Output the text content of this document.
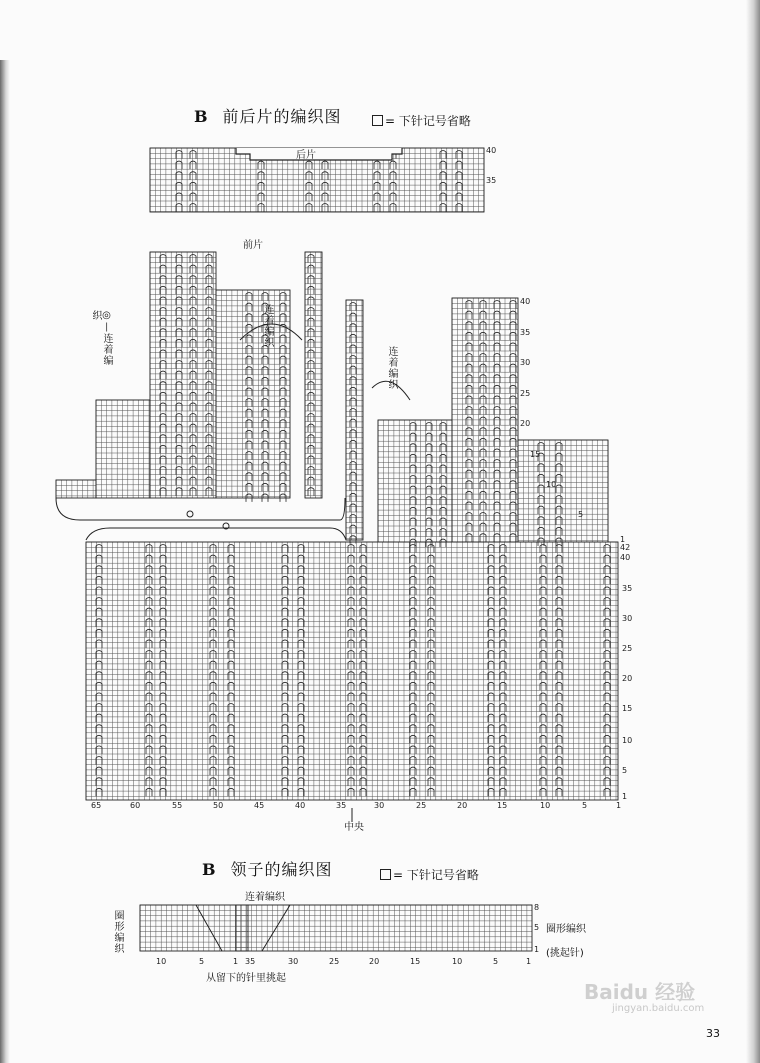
B 前后片的编织图	= 下针记号省略
后片
前片
◎—连着编织	连着编织
连着编织
中央
40
35
40
35
30
25
20
15
10
5
1
42
40
35
30
25
20
15
10
5
1
65	60	55	50	45	40	35	30	25	20	15	10	5	1
B 领子的编织图	= 下针记号省略
圈形编织
连着编织
圈形编织
(挑起针)
8
5
1
10	5	1 35	30	25	20	15	10	5	1
从留下的针里挑起
Baidu 经验
jingyan.baidu.com
33
